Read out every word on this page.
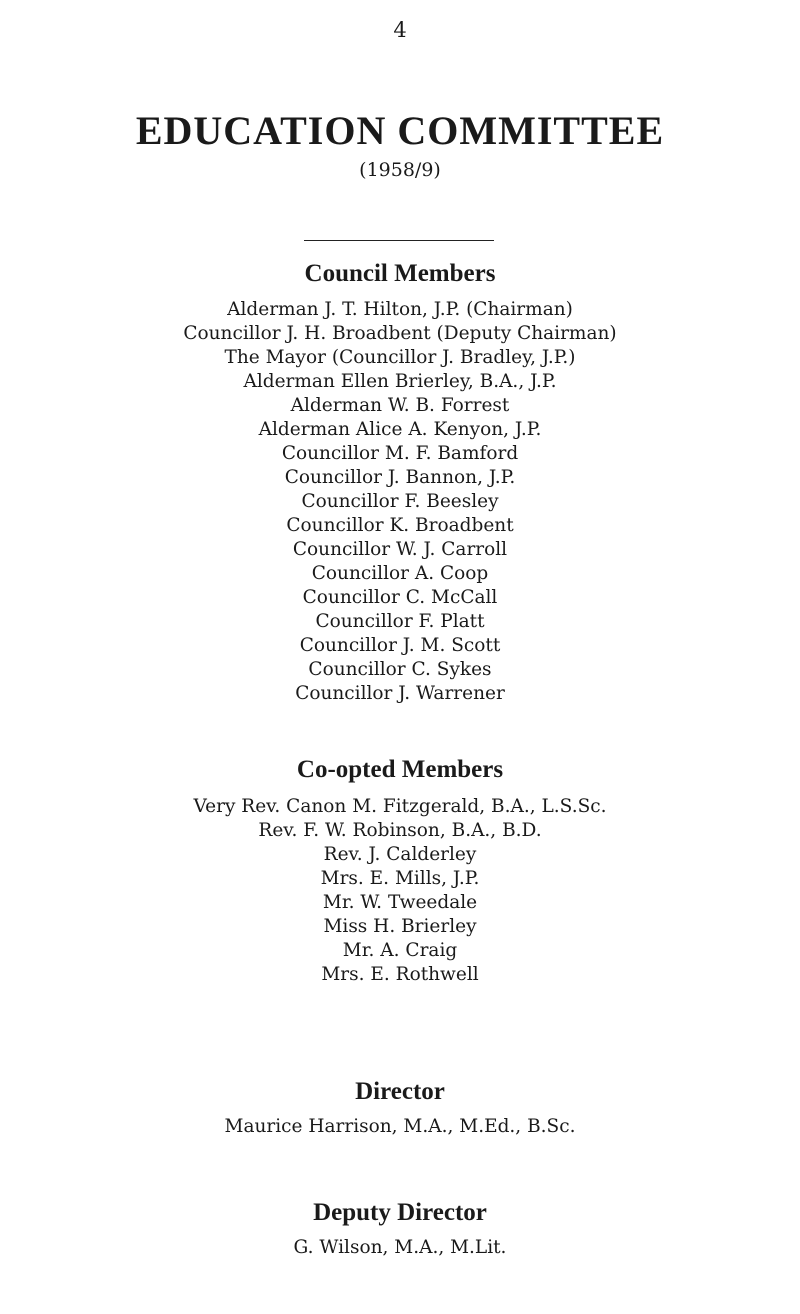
4
EDUCATION COMMITTEE
(1958/9)
Council Members
Alderman J. T. Hilton, J.P. (Chairman)
Councillor J. H. Broadbent (Deputy Chairman)
The Mayor (Councillor J. Bradley, J.P.)
Alderman Ellen Brierley, B.A., J.P.
Alderman W. B. Forrest
Alderman Alice A. Kenyon, J.P.
Councillor M. F. Bamford
Councillor J. Bannon, J.P.
Councillor F. Beesley
Councillor K. Broadbent
Councillor W. J. Carroll
Councillor A. Coop
Councillor C. McCall
Councillor F. Platt
Councillor J. M. Scott
Councillor C. Sykes
Councillor J. Warrener
Co-opted Members
Very Rev. Canon M. Fitzgerald, B.A., L.S.Sc.
Rev. F. W. Robinson, B.A., B.D.
Rev. J. Calderley
Mrs. E. Mills, J.P.
Mr. W. Tweedale
Miss H. Brierley
Mr. A. Craig
Mrs. E. Rothwell
Director
Maurice Harrison, M.A., M.Ed., B.Sc.
Deputy Director
G. Wilson, M.A., M.Lit.
